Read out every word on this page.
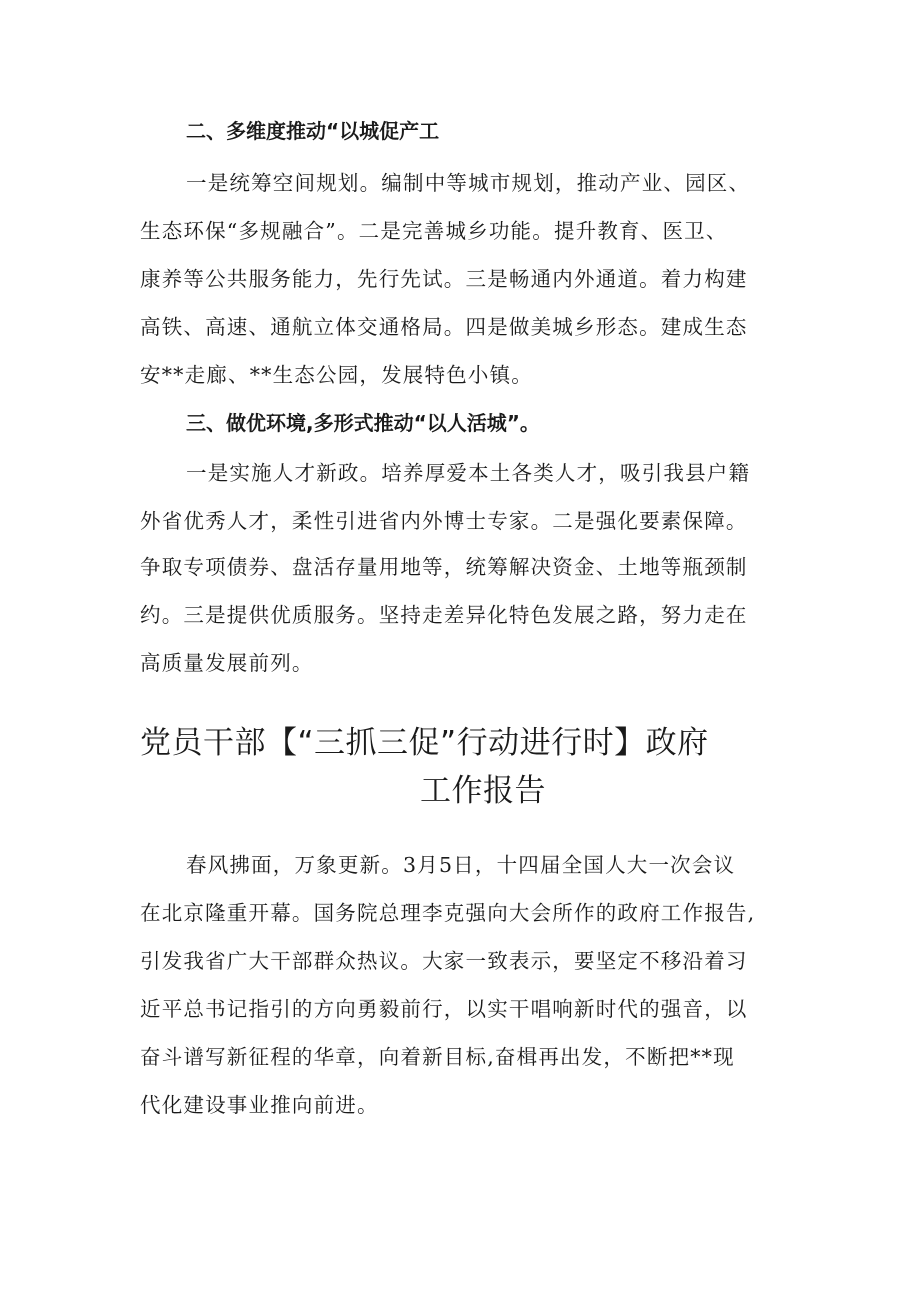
二、多维度推动“以城促产工
一是统筹空间规划。编制中等城市规划，推动产业、园区、
生态环保“多规融合”。二是完善城乡功能。提升教育、医卫、
康养等公共服务能力，先行先试。三是畅通内外通道。着力构建
高铁、高速、通航立体交通格局。四是做美城乡形态。建成生态
安**走廊、**生态公园，发展特色小镇。
三、做优环境,多形式推动“以人活城”。
一是实施人才新政。培养厚爱本土各类人才，吸引我县户籍
外省优秀人才，柔性引进省内外博士专家。二是强化要素保障。
争取专项债券、盘活存量用地等，统筹解决资金、土地等瓶颈制
约。三是提供优质服务。坚持走差异化特色发展之路，努力走在
高质量发展前列。
党员干部【“三抓三促”行动进行时】政府
工作报告
春风拂面，万象更新。3月5日，十四届全国人大一次会议
在北京隆重开幕。国务院总理李克强向大会所作的政府工作报告,
引发我省广大干部群众热议。大家一致表示，要坚定不移沿着习
近平总书记指引的方向勇毅前行，以实干唱响新时代的强音，以
奋斗谱写新征程的华章，向着新目标,奋楫再出发，不断把**现
代化建设事业推向前进。
